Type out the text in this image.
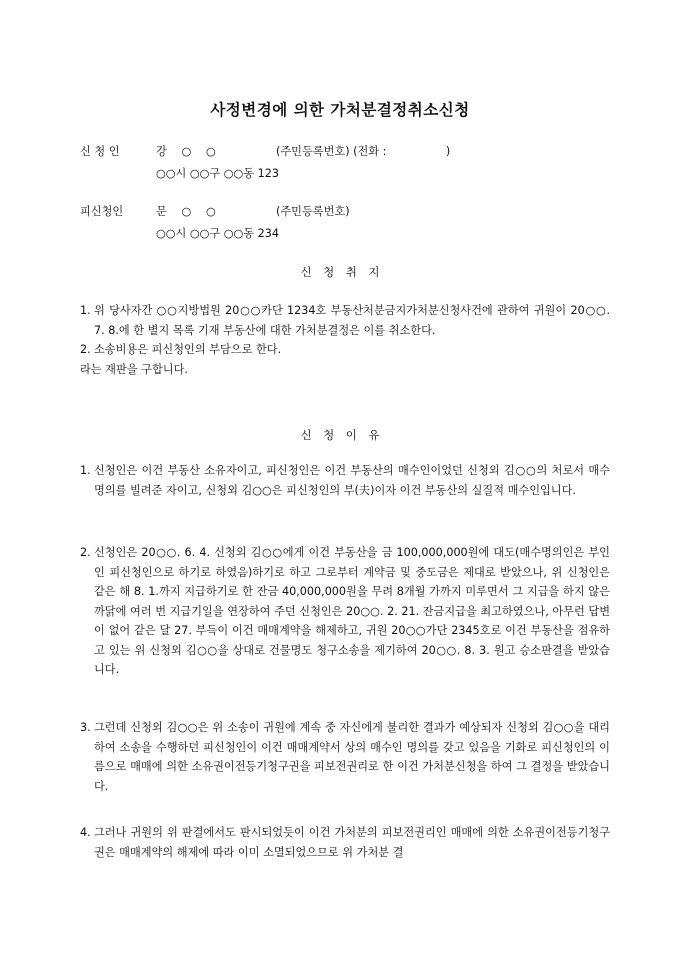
사정변경에 의한 가처분결정취소신청
신 청 인	강　 ○　 ○	(주민등록번호) (전화 :　　　　　 )
○○시 ○○구 ○○동 123
피신청인	문　 ○　 ○	(주민등록번호)
○○시 ○○구 ○○동 234
신　청　취　지
1. 위 당사자간 ○○지방법원 20○○카단 1234호 부동산처분금지가처분신청사건에 관하여 귀원이 20○○. 7. 8.에 한 별지 목록 기재 부동산에 대한 가처분결정은 이를 취소한다.
2. 소송비용은 피신청인의 부담으로 한다.
라는 재판을 구합니다.
신　청　이　유
1. 신청인은 이건 부동산 소유자이고, 피신청인은 이건 부동산의 매수인이었던 신청외 김○○의 처로서 매수명의를 빌려준 자이고, 신청외 김○○은 피신청인의 부(夫)이자 이건 부동산의 실질적 매수인입니다.
2. 신청인은 20○○. 6. 4. 신청외 김○○에게 이건 부동산을 금 100,000,000원에 대도(매수명의인은 부인인 피신청인으로 하기로 하였음)하기로 하고 그로부터 계약금 및 중도금은 제대로 받았으나, 위 신청인은 같은 해 8. 1.까지 지급하기로 한 잔금 40,000,000원을 무려 8개월 가까지 미루면서 그 지급을 하지 않은 까닭에 여러 번 지급기일을 연장하여 주던 신청인은 20○○. 2. 21. 잔금지급을 최고하였으나, 아무런 답변이 없어 같은 달 27. 부득이 이건 매매계약을 해제하고, 귀원 20○○가단 2345호로 이건 부동산을 점유하고 있는 위 신청외 김○○을 상대로 건물명도 청구소송을 제기하여 20○○. 8. 3. 원고 승소판결을 받았습니다.
3. 그런데 신청외 김○○은 위 소송이 귀원에 계속 중 자신에게 불리한 결과가 예상되자 신청외 김○○을 대리하여 소송을 수행하던 피신청인이 이건 매매계약서 상의 매수인 명의를 갖고 있음을 기화로 피신청인의 이름으로 매매에 의한 소유권이전등기청구권을 피보전권리로 한 이건 가처분신청을 하여 그 결정을 받았습니다.
4. 그러나 귀원의 위 판결에서도 판시되었듯이 이건 가처분의 피보전권리인 매매에 의한 소유권이전등기청구권은 매매계약의 해제에 따라 이미 소멸되었으므로 위 가처분 결
